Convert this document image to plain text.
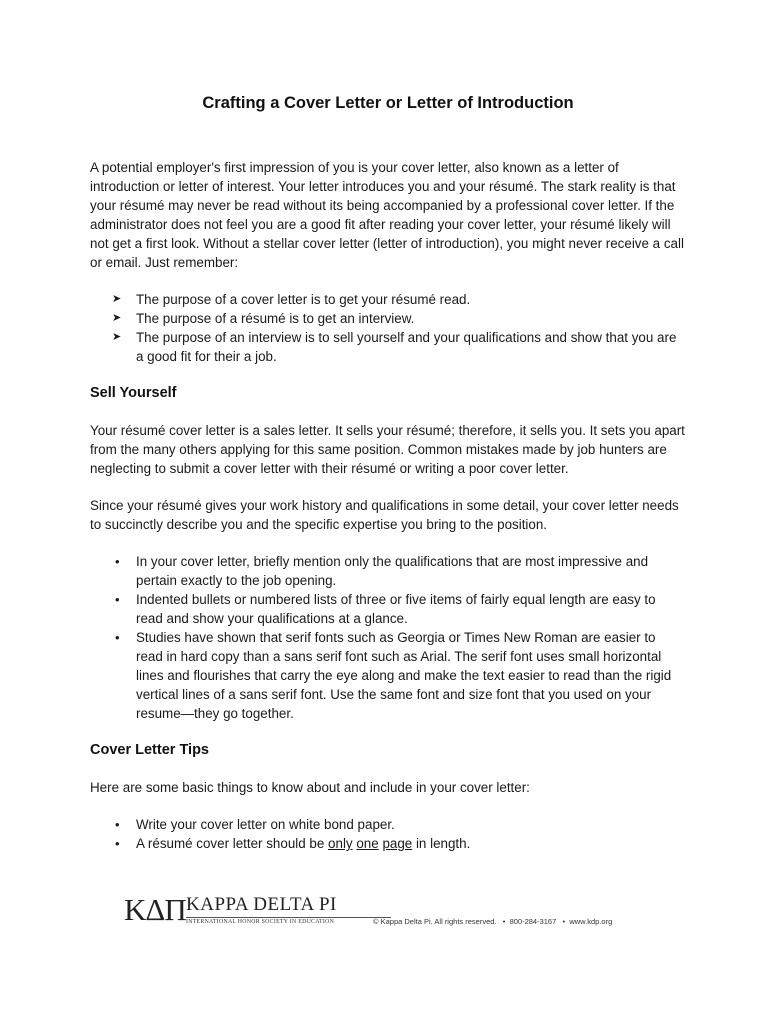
Crafting a Cover Letter or Letter of Introduction

A potential employer's first impression of you is your cover letter, also known as a letter of introduction or letter of interest. Your letter introduces you and your résumé. The stark reality is that your résumé may never be read without its being accompanied by a professional cover letter. If the administrator does not feel you are a good fit after reading your cover letter, your résumé likely will not get a first look. Without a stellar cover letter (letter of introduction), you might never receive a call or email. Just remember:

➤ The purpose of a cover letter is to get your résumé read.
➤ The purpose of a résumé is to get an interview.
➤ The purpose of an interview is to sell yourself and your qualifications and show that you are a good fit for their a job.
Sell Yourself

Your résumé cover letter is a sales letter. It sells your résumé; therefore, it sells you. It sets you apart from the many others applying for this same position. Common mistakes made by job hunters are neglecting to submit a cover letter with their résumé or writing a poor cover letter.

Since your résumé gives your work history and qualifications in some detail, your cover letter needs to succinctly describe you and the specific expertise you bring to the position.

• In your cover letter, briefly mention only the qualifications that are most impressive and pertain exactly to the job opening.
• Indented bullets or numbered lists of three or five items of fairly equal length are easy to read and show your qualifications at a glance.
• Studies have shown that serif fonts such as Georgia or Times New Roman are easier to read in hard copy than a sans serif font such as Arial. The serif font uses small horizontal lines and flourishes that carry the eye along and make the text easier to read than the rigid vertical lines of a sans serif font. Use the same font and size font that you used on your resume—they go together.
Cover Letter Tips

Here are some basic things to know about and include in your cover letter:

• Write your cover letter on white bond paper.
• A résumé cover letter should be only one page in length.
KΔΠ KAPPA DELTA PI
INTERNATIONAL HONOR SOCIETY IN EDUCATION	© Kappa Delta Pi. All rights reserved.   •  800-284-3167   •  www.kdp.org
